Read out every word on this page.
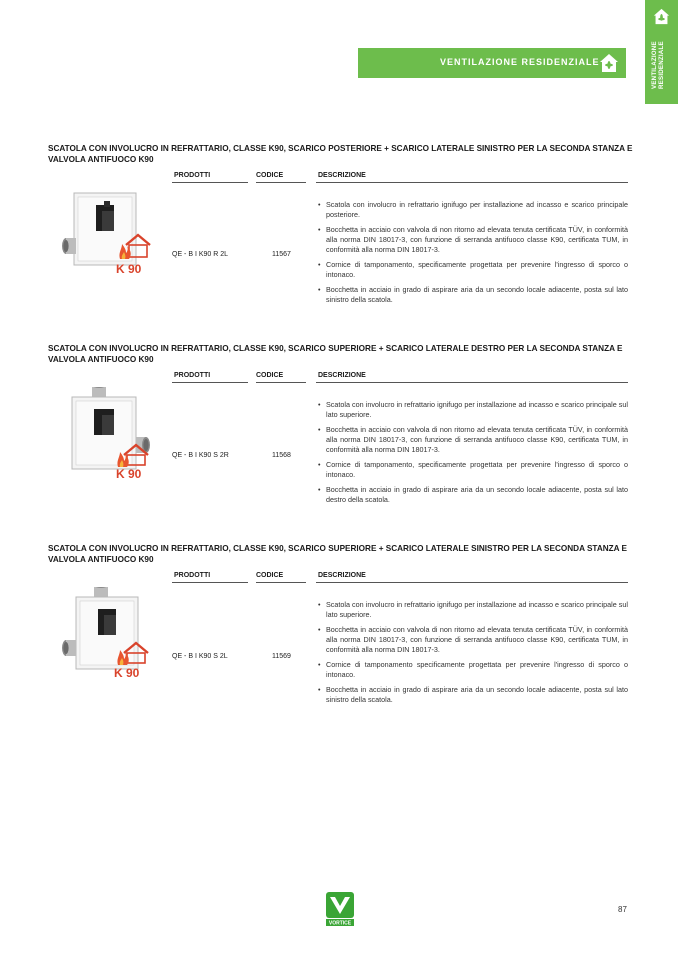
VENTILAZIONE RESIDENZIALE
VENTILAZIONE RESIDENZIALE
SCATOLA CON INVOLUCRO IN REFRATTARIO, CLASSE K90, SCARICO POSTERIORE + SCARICO LATERALE SINISTRO PER LA SECONDA STANZA E VALVOLA ANTIFUOCO K90
PRODOTTI	CODICE	DESCRIZIONE
K 90
QE - B I K90 R 2L	11567
• Scatola con involucro in refrattario ignifugo per installazione ad incasso e scarico principale posteriore.
• Bocchetta in acciaio con valvola di non ritorno ad elevata tenuta certificata TÜV, in conformità alla norma DIN 18017-3, con funzione di serranda antifuoco classe K90, certificata TUM, in conformità alla norma DIN 18017-3.
• Cornice di tamponamento, specificamente progettata per prevenire l'ingresso di sporco o intonaco.
• Bocchetta in acciaio in grado di aspirare aria da un secondo locale adiacente, posta sul lato sinistro della scatola.
SCATOLA CON INVOLUCRO IN REFRATTARIO, CLASSE K90, SCARICO SUPERIORE + SCARICO LATERALE DESTRO PER LA SECONDA STANZA E VALVOLA ANTIFUOCO K90
PRODOTTI	CODICE	DESCRIZIONE
K 90
QE - B I K90 S 2R	11568
• Scatola con involucro in refrattario ignifugo per installazione ad incasso e scarico principale sul lato superiore.
• Bocchetta in acciaio con valvola di non ritorno ad elevata tenuta certificata TÜV, in conformità alla norma DIN 18017-3, con funzione di serranda antifuoco classe K90, certificata TUM, in conformità alla norma DIN 18017-3.
• Cornice di tamponamento, specificamente progettata per prevenire l'ingresso di sporco o intonaco.
• Bocchetta in acciaio in grado di aspirare aria da un secondo locale adiacente, posta sul lato destro della scatola.
SCATOLA CON INVOLUCRO IN REFRATTARIO, CLASSE K90, SCARICO SUPERIORE + SCARICO LATERALE SINISTRO PER LA SECONDA STANZA E VALVOLA ANTIFUOCO K90
PRODOTTI	CODICE	DESCRIZIONE
K 90
QE - B I K90 S 2L	11569
• Scatola con involucro in refrattario ignifugo per installazione ad incasso e scarico principale sul lato superiore.
• Bocchetta in acciaio con valvola di non ritorno ad elevata tenuta certificata TÜV, in conformità alla norma DIN 18017-3, con funzione di serranda antifuoco classe K90, certificata TUM, in conformità alla norma DIN 18017-3.
• Cornice di tamponamento specificamente progettata per prevenire l'ingresso di sporco o intonaco.
• Bocchetta in acciaio in grado di aspirare aria da un secondo locale adiacente, posta sul lato sinistro della scatola.
VORTICE
87
